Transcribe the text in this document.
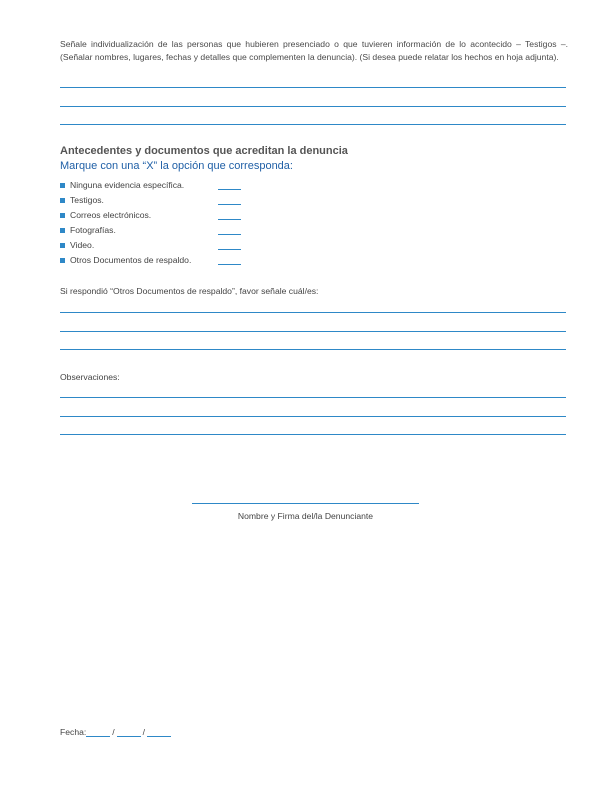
Señale individualización de las personas que hubieren presenciado o que tuvieren información de lo acontecido – Testigos –. (Señalar nombres, lugares, fechas y detalles que complementen la denuncia). (Si desea puede relatar los hechos en hoja adjunta).

Antecedentes y documentos que acreditan la denuncia

Marque con una “X” la opción que corresponda:

Ninguna evidencia específica.
Testigos.
Correos electrónicos.
Fotografías.
Video.
Otros Documentos de respaldo.

Si respondió “Otros Documentos de respaldo”, favor señale cuál/es:

Observaciones:

Nombre y Firma del/la Denunciante
Fecha:	/	/
